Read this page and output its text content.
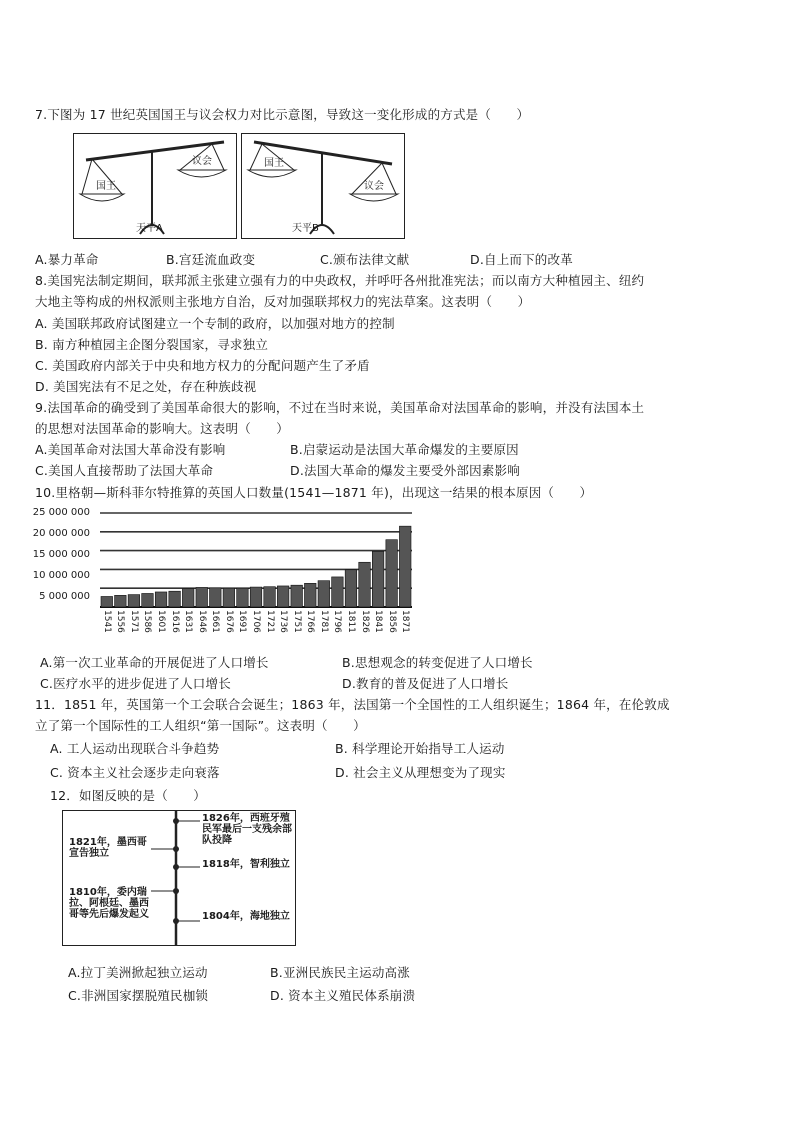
7.下图为 17 世纪英国国王与议会权力对比示意图，导致这一变化形成的方式是（　　）
国王
议会
天平A
国王
议会
天平B
A.暴力革命	B.宫廷流血政变	C.颁布法律文献	D.自上而下的改革
8.美国宪法制定期间，联邦派主张建立强有力的中央政权，并呼吁各州批准宪法；而以南方大种植园主、纽约
大地主等构成的州权派则主张地方自治，反对加强联邦权力的宪法草案。这表明（　　）
A. 美国联邦政府试图建立一个专制的政府，以加强对地方的控制
B. 南方种植园主企图分裂国家，寻求独立
C. 美国政府内部关于中央和地方权力的分配问题产生了矛盾
D. 美国宪法有不足之处，存在种族歧视
9.法国革命的确受到了美国革命很大的影响，不过在当时来说，美国革命对法国革命的影响，并没有法国本土
的思想对法国革命的影响大。这表明（　　）
A.美国革命对法国大革命没有影响	B.启蒙运动是法国大革命爆发的主要原因
C.美国人直接帮助了法国大革命	D.法国大革命的爆发主要受外部因素影响
10.里格朝—斯科菲尔特推算的英国人口数量(1541—1871 年)，出现这一结果的根本原因（　　）
25 000 000
20 000 000
15 000 000
10 000 000
5 000 000
1541 1556 1571 1586 1601 1616 1631 1646 1661 1676 1691 1706 1721 1736 1751 1766 1781 1796 1811 1826 1841 1856 1871
A.第一次工业革命的开展促进了人口增长	B.思想观念的转变促进了人口增长
C.医疗水平的进步促进了人口增长	D.教育的普及促进了人口增长
11．1851 年，英国第一个工会联合会诞生；1863 年，法国第一个全国性的工人组织诞生；1864 年，在伦敦成
立了第一个国际性的工人组织“第一国际”。这表明（　　）
A. 工人运动出现联合斗争趋势	B. 科学理论开始指导工人运动
C. 资本主义社会逐步走向衰落	D. 社会主义从理想变为了现实
12．如图反映的是（　　）
1826年，西班牙殖民军最后一支残余部队投降
1818年，智利独立
1804年，海地独立
1821年，墨西哥宣告独立
1810年，委内瑞拉、阿根廷、墨西哥等先后爆发起义
A.拉丁美洲掀起独立运动	B.亚洲民族民主运动高涨
C.非洲国家摆脱殖民枷锁	D. 资本主义殖民体系崩溃
